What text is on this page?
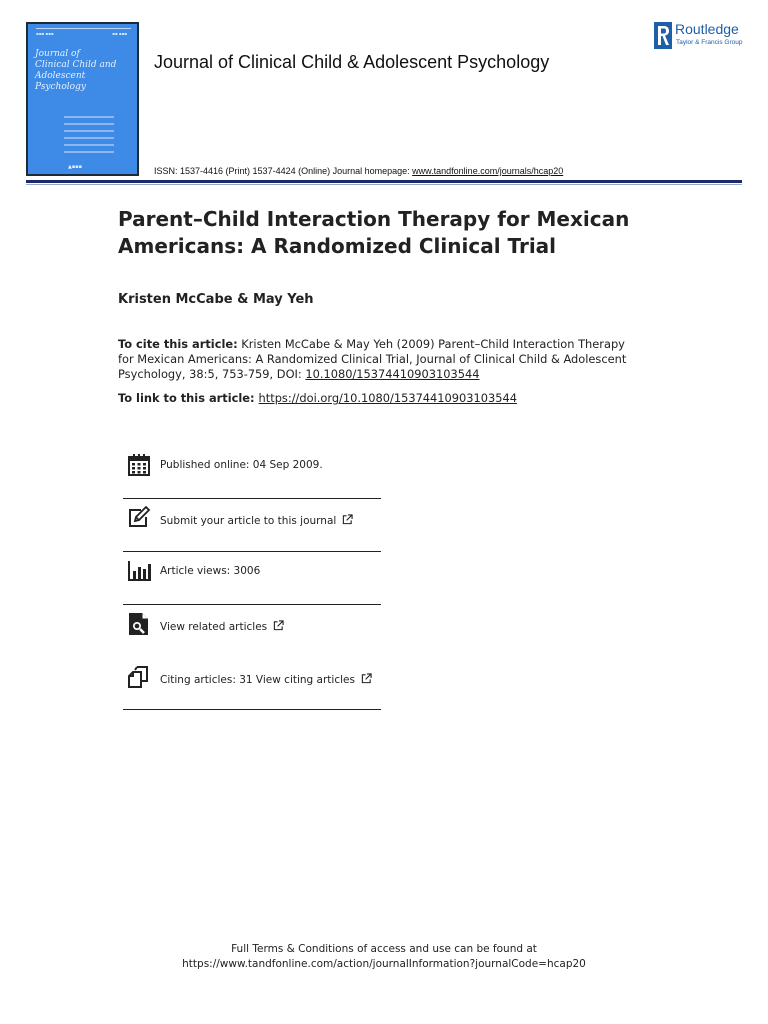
▪▪▪ ▪▪▪	▪▪ ▪▪▪
Journal of
Clinical Child and
Adolescent Psychology
▲▪▪▪
Journal of Clinical Child & Adolescent Psychology
Routledge
Taylor & Francis Group
ISSN: 1537-4416 (Print) 1537-4424 (Online) Journal homepage: www.tandfonline.com/journals/hcap20
Parent–Child Interaction Therapy for Mexican Americans: A Randomized Clinical Trial
Kristen McCabe & May Yeh
To cite this article: Kristen McCabe & May Yeh (2009) Parent–Child Interaction Therapy for Mexican Americans: A Randomized Clinical Trial, Journal of Clinical Child & Adolescent Psychology, 38:5, 753-759, DOI: 10.1080/15374410903103544
To link to this article: https://doi.org/10.1080/15374410903103544
Published online: 04 Sep 2009.
Submit your article to this journal
Article views: 3006
View related articles
Citing articles: 31 View citing articles
Full Terms & Conditions of access and use can be found at
https://www.tandfonline.com/action/journalInformation?journalCode=hcap20
